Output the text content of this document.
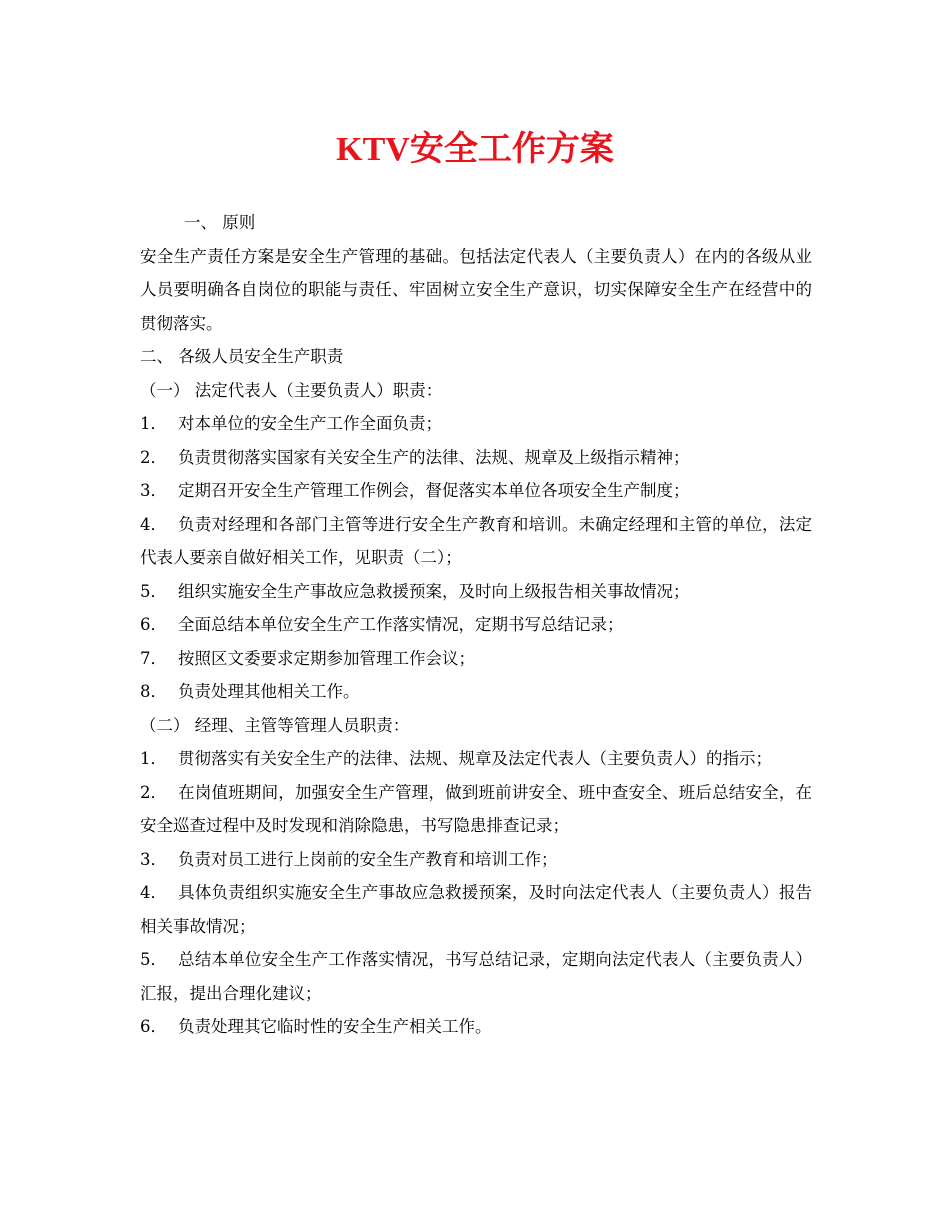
KTV安全工作方案

一、 原则

安全生产责任方案是安全生产管理的基础。包括法定代表人（主要负责人）在内的各级从业人员要明确各自岗位的职能与责任、牢固树立安全生产意识，切实保障安全生产在经营中的贯彻落实。

二、 各级人员安全生产职责

（一） 法定代表人（主要负责人）职责：

1． 对本单位的安全生产工作全面负责；

2． 负责贯彻落实国家有关安全生产的法律、法规、规章及上级指示精神；

3． 定期召开安全生产管理工作例会，督促落实本单位各项安全生产制度；

4． 负责对经理和各部门主管等进行安全生产教育和培训。未确定经理和主管的单位，法定代表人要亲自做好相关工作，见职责（二）；

5． 组织实施安全生产事故应急救援预案，及时向上级报告相关事故情况；

6． 全面总结本单位安全生产工作落实情况，定期书写总结记录；

7． 按照区文委要求定期参加管理工作会议；

8． 负责处理其他相关工作。

（二） 经理、主管等管理人员职责：

1． 贯彻落实有关安全生产的法律、法规、规章及法定代表人（主要负责人）的指示；

2． 在岗值班期间，加强安全生产管理，做到班前讲安全、班中查安全、班后总结安全，在安全巡查过程中及时发现和消除隐患，书写隐患排查记录；

3． 负责对员工进行上岗前的安全生产教育和培训工作；

4． 具体负责组织实施安全生产事故应急救援预案，及时向法定代表人（主要负责人）报告相关事故情况；

5． 总结本单位安全生产工作落实情况，书写总结记录，定期向法定代表人（主要负责人）汇报，提出合理化建议；

6． 负责处理其它临时性的安全生产相关工作。
